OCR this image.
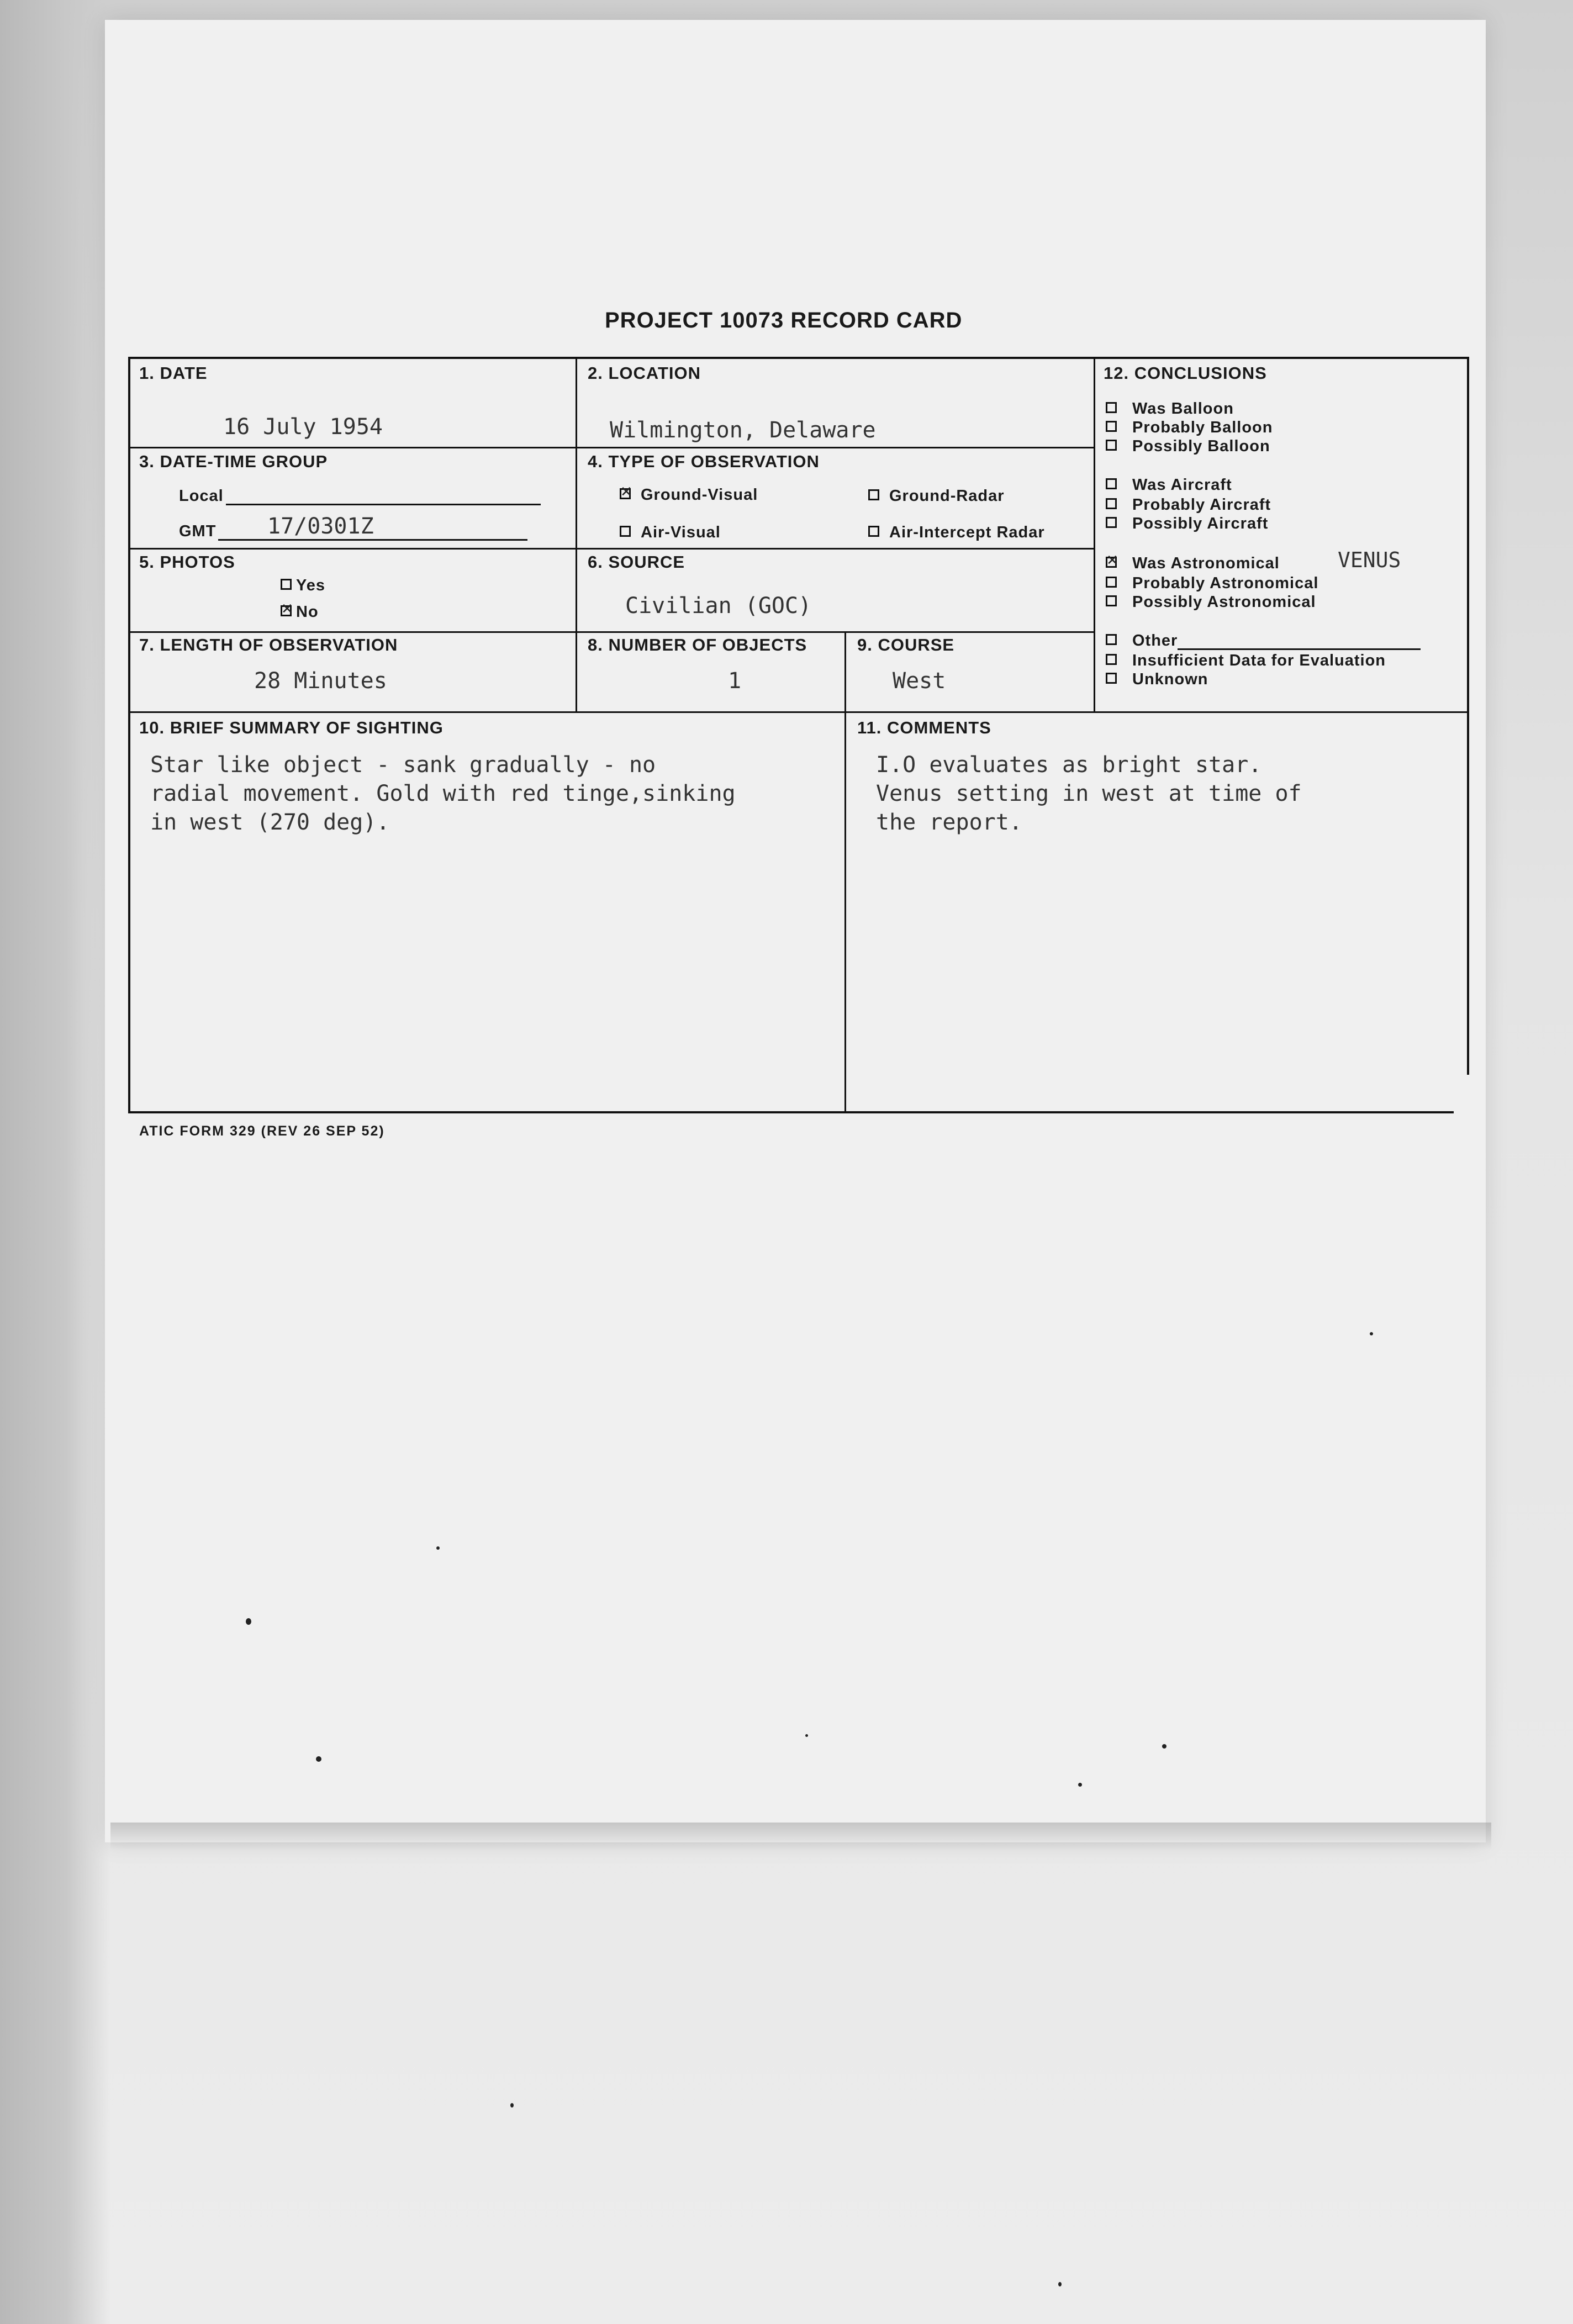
PROJECT 10073 RECORD CARD
1. DATE
16 July 1954
2. LOCATION
Wilmington, Delaware
3. DATE-TIME GROUP
Local
GMT	17/0301Z
4. TYPE OF OBSERVATION
✕Ground-Visual	Ground-Radar
Air-Visual	Air-Intercept Radar
5. PHOTOS
Yes
✕No
6. SOURCE
Civilian (GOC)
7. LENGTH OF OBSERVATION
28 Minutes
8. NUMBER OF OBJECTS
1
9. COURSE
West
10. BRIEF SUMMARY OF SIGHTING
Star like object - sank gradually - no
radial movement. Gold with red tinge,sinking
in west (270 deg).
11. COMMENTS
I.O evaluates as bright star.
Venus setting in west at time of
the report.
12. CONCLUSIONS
Was Balloon
Probably Balloon
Possibly Balloon
Was Aircraft
Probably Aircraft
Possibly Aircraft
✕Was Astronomical	VENUS
Probably Astronomical
Possibly Astronomical
Other
Insufficient Data for Evaluation
Unknown
ATIC FORM 329 (REV 26 SEP 52)
